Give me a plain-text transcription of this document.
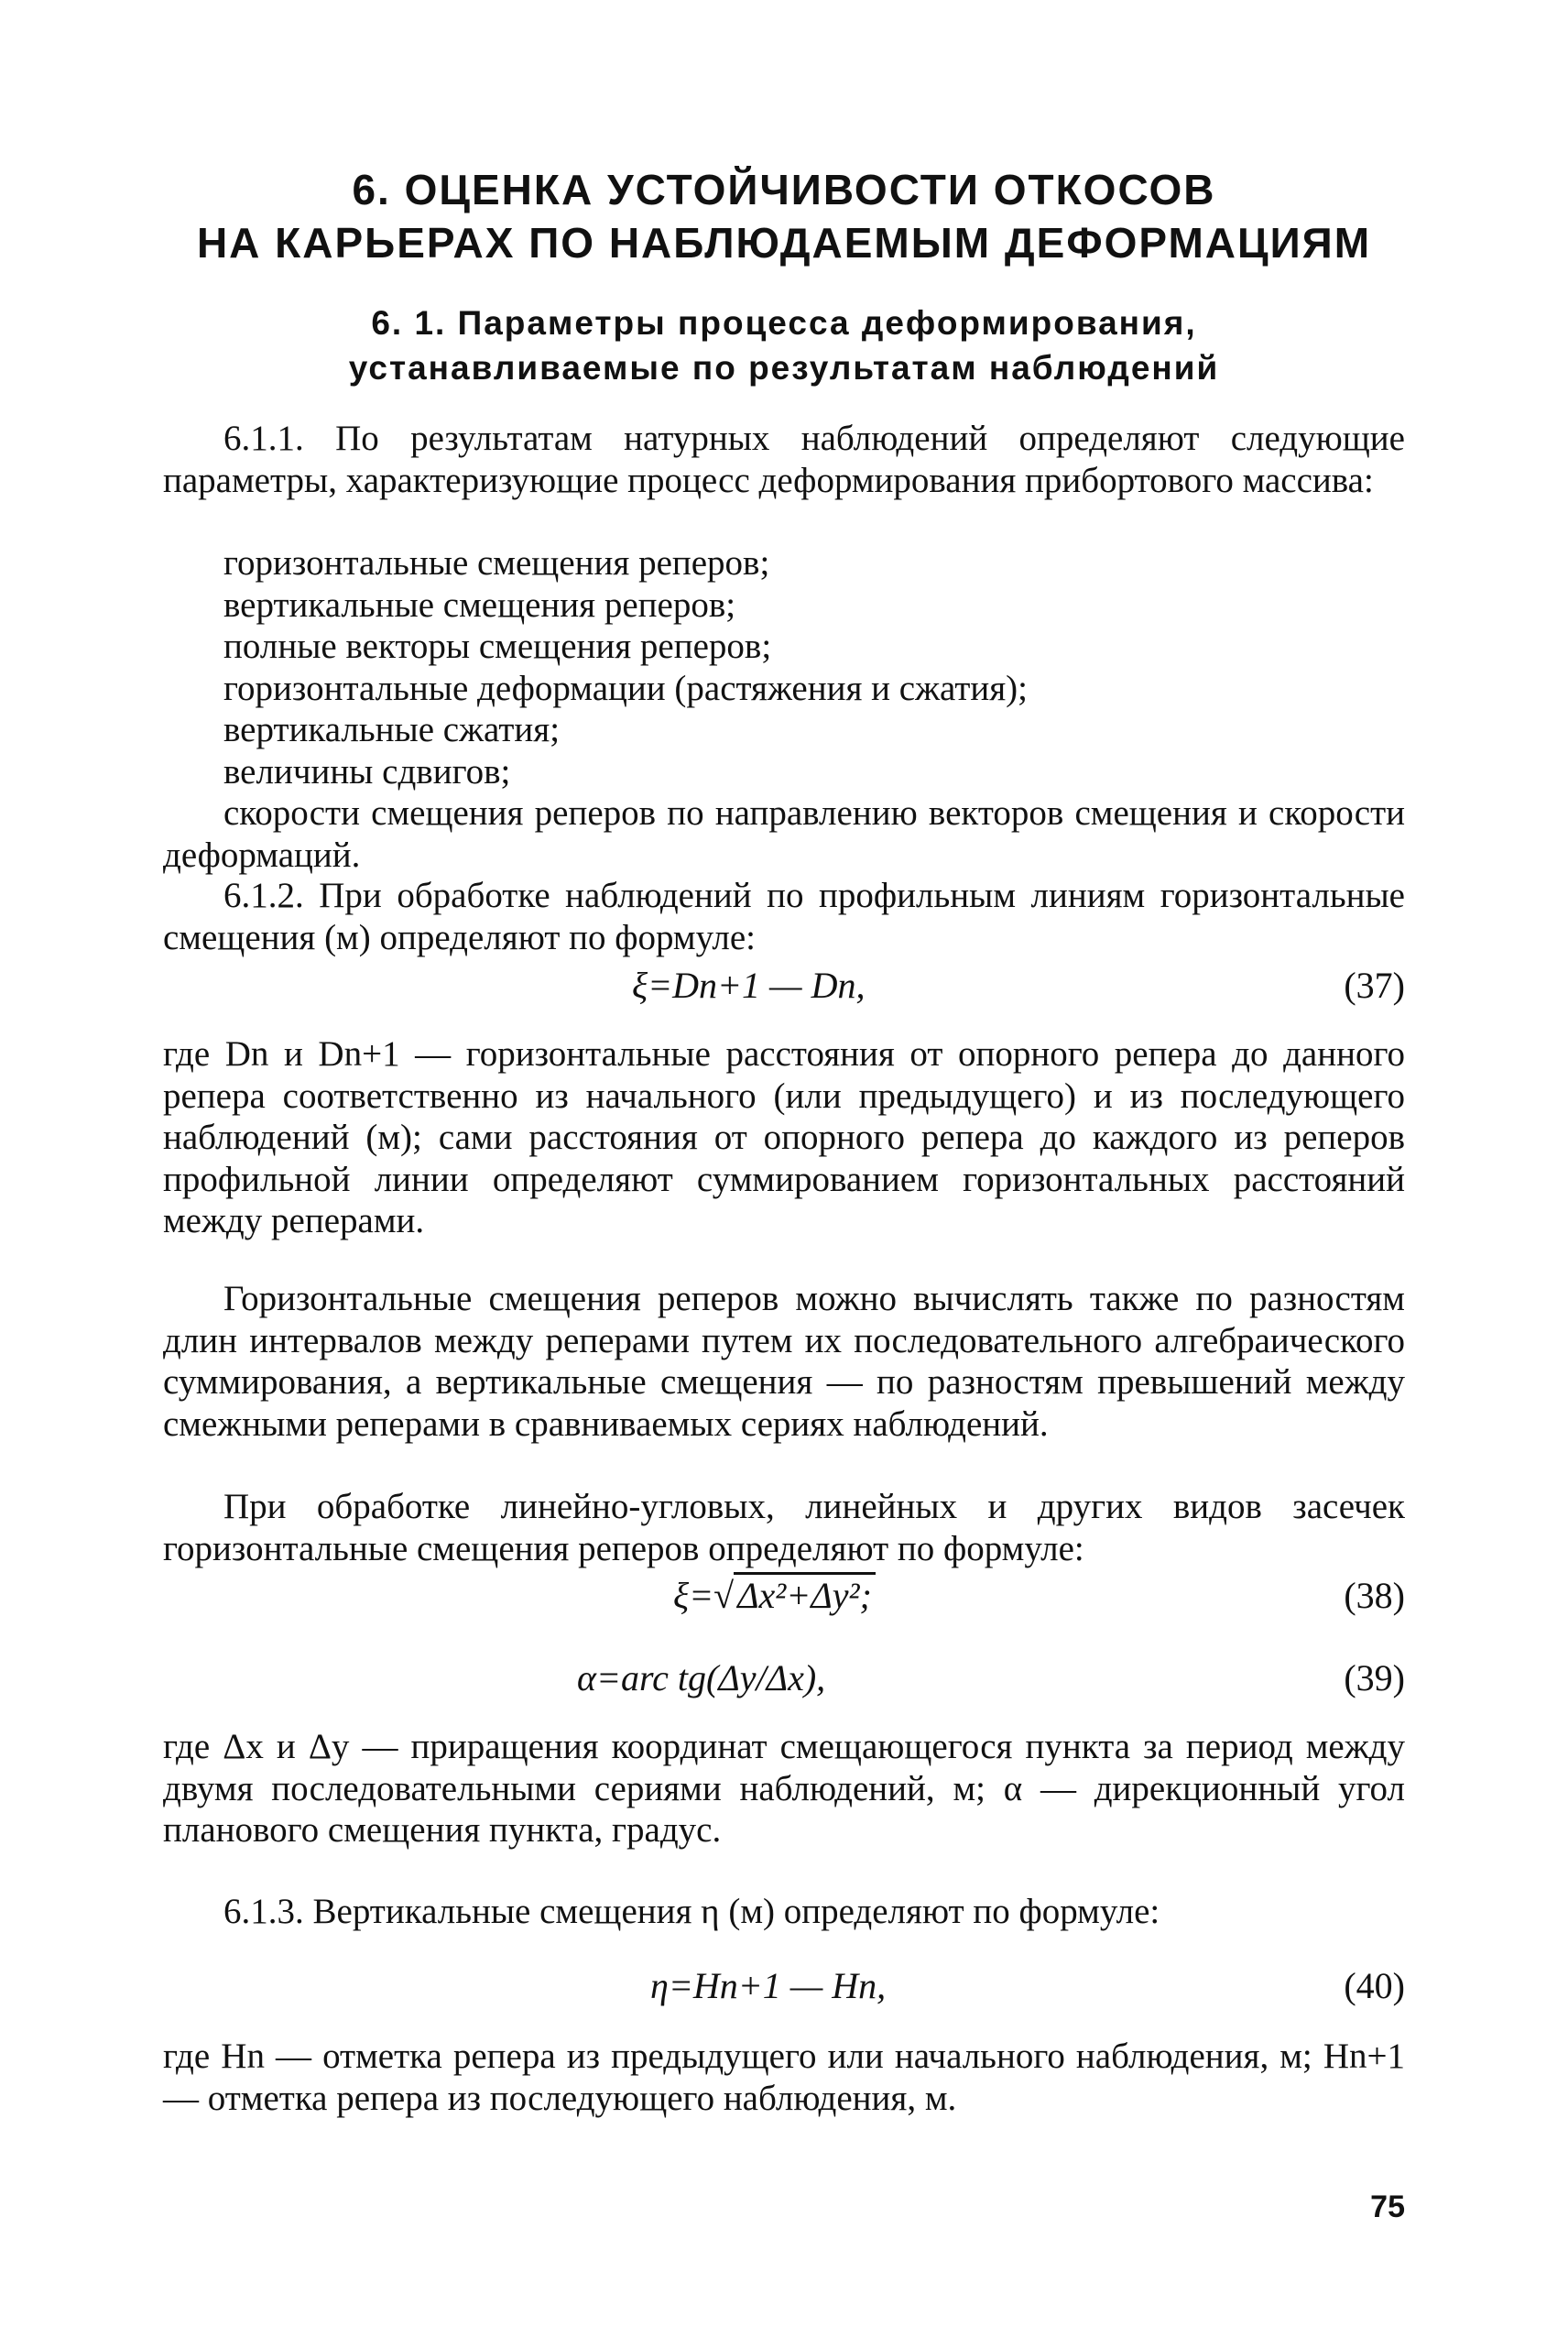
6. ОЦЕНКА УСТОЙЧИВОСТИ ОТКОСОВ
НА КАРЬЕРАХ ПО НАБЛЮДАЕМЫМ ДЕФОРМАЦИЯМ
6. 1. Параметры процесса деформирования,
устанавливаемые по результатам наблюдений
6.1.1. По результатам натурных наблюдений определяют следующие параметры, характеризующие процесс деформирования прибортового массива:
горизонтальные смещения реперов;
вертикальные смещения реперов;
полные векторы смещения реперов;
горизонтальные деформации (растяжения и сжатия);
вертикальные сжатия;
величины сдвигов;
скорости смещения реперов по направлению векторов смещения и скорости деформаций.
6.1.2. При обработке наблюдений по профильным линиям горизонтальные смещения (м) определяют по формуле:
ξ=Dn+1 — Dn,	(37)
где Dn и Dn+1 — горизонтальные расстояния от опорного репера до данного репера соответственно из начального (или предыдущего) и из последующего наблюдений (м); сами расстояния от опорного репера до каждого из реперов профильной линии определяют суммированием горизонтальных расстояний между реперами.
Горизонтальные смещения реперов можно вычислять также по разностям длин интервалов между реперами путем их последовательного алгебраического суммирования, а вертикальные смещения — по разностям превышений между смежными реперами в сравниваемых сериях наблюдений.
При обработке линейно-угловых, линейных и других видов засечек горизонтальные смещения реперов определяют по формуле:
ξ=√ Δx²+Δy²;	(38)
α=arc tg(Δy/Δx),	(39)
где Δx и Δy — приращения координат смещающегося пункта за период между двумя последовательными сериями наблюдений, м; α — дирекционный угол планового смещения пункта, градус.
6.1.3. Вертикальные смещения η (м) определяют по формуле:
η=Hn+1 — Hn,	(40)
где Hn — отметка репера из предыдущего или начального наблюдения, м; Hn+1 — отметка репера из последующего наблюдения, м.
75
